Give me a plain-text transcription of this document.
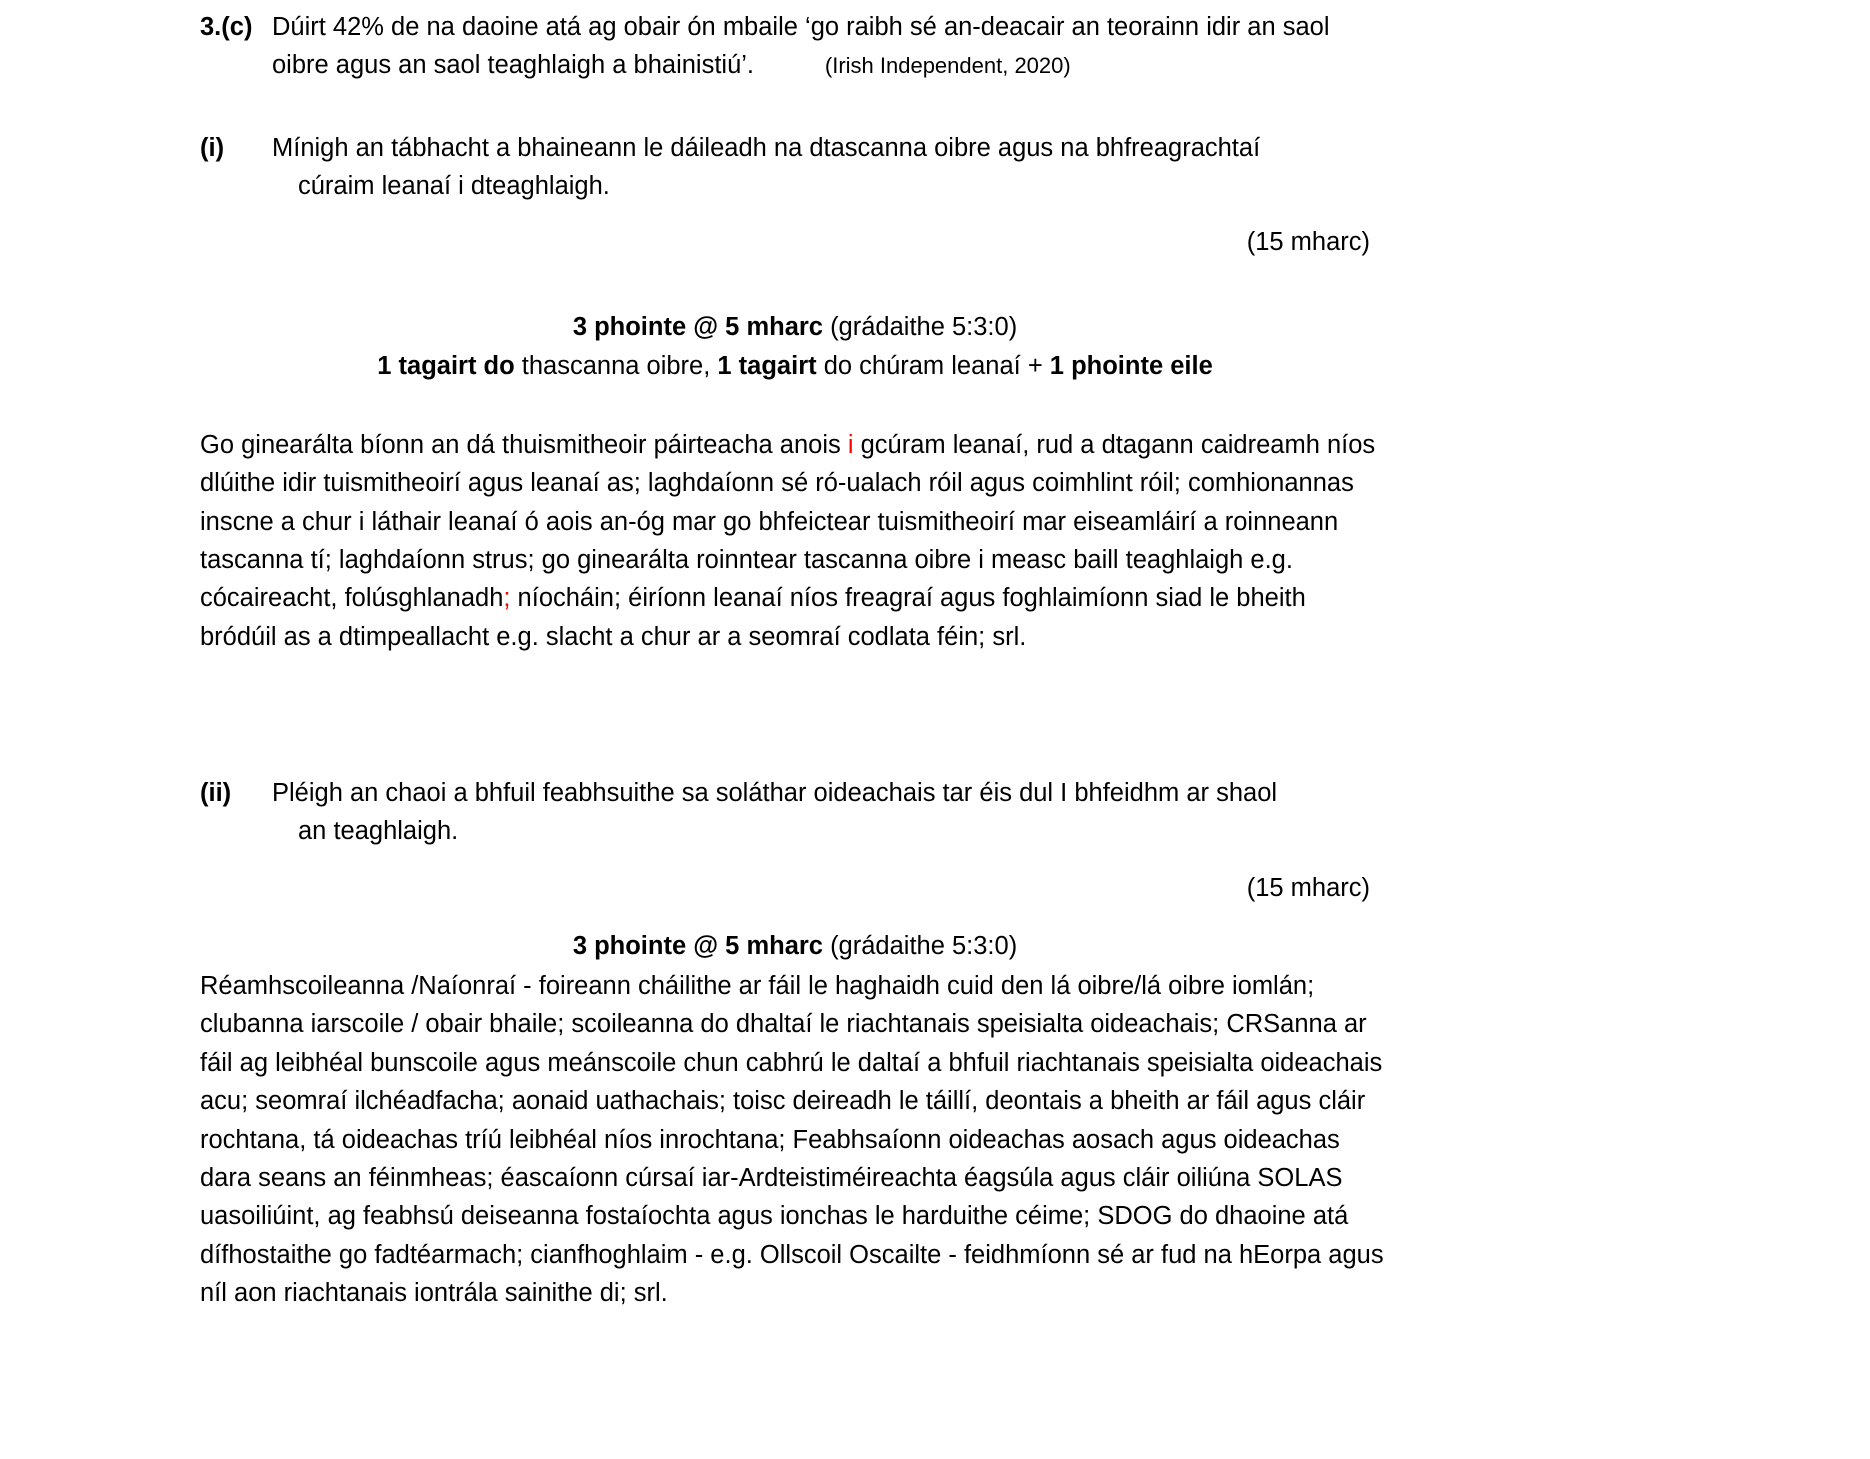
3.(c) Dúirt 42% de na daoine atá ag obair ón mbaile ‘go raibh sé an-deacair an teorainn idir an saol
oibre agus an saol teaghlaigh a bhainistiú’.	(Irish Independent, 2020)
(i)	Mínigh an tábhacht a bhaineann le dáileadh na dtascanna oibre agus na bhfreagrachtaí
cúraim leanaí i dteaghlaigh.
(15 mharc)
3 phointe @ 5 mharc (grádaithe 5:3:0)
1 tagairt do thascanna oibre, 1 tagairt do chúram leanaí + 1 phointe eile
Go ginearálta bíonn an dá thuismitheoir páirteacha anois i gcúram leanaí, rud a dtagann caidreamh níos dlúithe idir tuismitheoirí agus leanaí as; laghdaíonn sé ró-ualach róil agus coimhlint róil; comhionannas inscne a chur i láthair leanaí ó aois an-óg mar go bhfeictear tuismitheoirí mar eiseamláirí a roinneann tascanna tí; laghdaíonn strus; go ginearálta roinntear tascanna oibre i measc baill teaghlaigh e.g. cócaireacht, folúsghlanadh; níocháin; éiríonn leanaí níos freagraí agus foghlaimíonn siad le bheith bródúil as a dtimpeallacht e.g. slacht a chur ar a seomraí codlata féin; srl.
(ii)	Pléigh an chaoi a bhfuil feabhsuithe sa soláthar oideachais tar éis dul I bhfeidhm ar shaol
an teaghlaigh.
(15 mharc)
3 phointe @ 5 mharc (grádaithe 5:3:0)
Réamhscoileanna /Naíonraí - foireann cháilithe ar fáil le haghaidh cuid den lá oibre/lá oibre iomlán; clubanna iarscoile / obair bhaile; scoileanna do dhaltaí le riachtanais speisialta oideachais; CRSanna ar fáil ag leibhéal bunscoile agus meánscoile chun cabhrú le daltaí a bhfuil riachtanais speisialta oideachais acu; seomraí ilchéadfacha; aonaid uathachais; toisc deireadh le táillí, deontais a bheith ar fáil agus cláir rochtana, tá oideachas tríú leibhéal níos inrochtana; Feabhsaíonn oideachas aosach agus oideachas dara seans an féinmheas; éascaíonn cúrsaí iar-Ardteistiméireachta éagsúla agus cláir oiliúna SOLAS uasoiliúint, ag feabhsú deiseanna fostaíochta agus ionchas le harduithe céime; SDOG do dhaoine atá dífhostaithe go fadtéarmach; cianfhoghlaim - e.g. Ollscoil Oscailte - feidhmíonn sé ar fud na hEorpa agus níl aon riachtanais iontrála sainithe di; srl.
